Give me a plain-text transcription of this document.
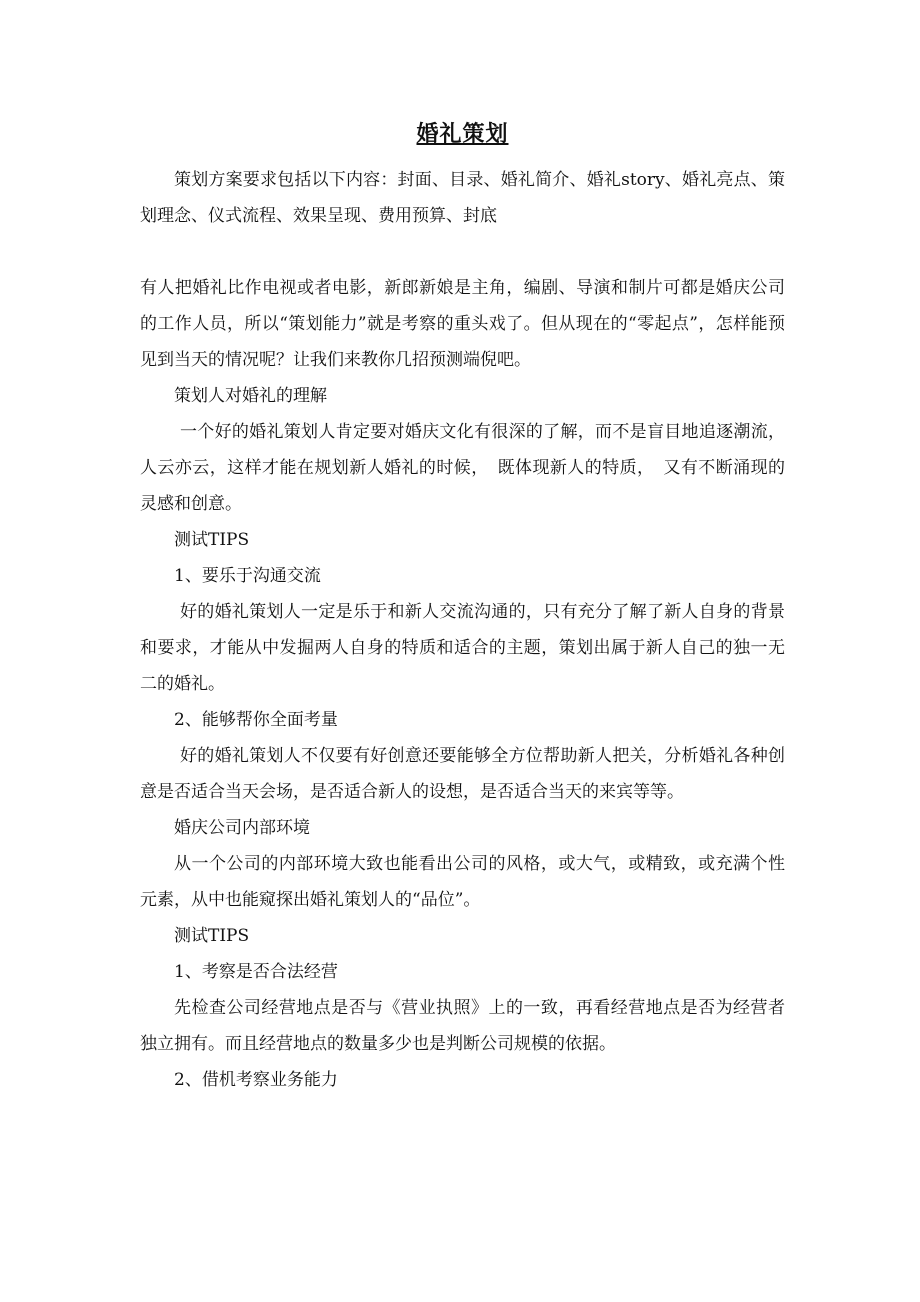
婚礼策划

策划方案要求包括以下内容：封面、目录、婚礼简介、婚礼story、婚礼亮点、策划理念、仪式流程、效果呈现、费用预算、封底

有人把婚礼比作电视或者电影，新郎新娘是主角，编剧、导演和制片可都是婚庆公司的工作人员，所以“策划能力”就是考察的重头戏了。但从现在的“零起点”，怎样能预见到当天的情况呢？让我们来教你几招预测端倪吧。

策划人对婚礼的理解

一个好的婚礼策划人肯定要对婚庆文化有很深的了解，而不是盲目地追逐潮流，人云亦云，这样才能在规划新人婚礼的时候，　既体现新人的特质，　又有不断涌现的灵感和创意。

测试TIPS

1、要乐于沟通交流

好的婚礼策划人一定是乐于和新人交流沟通的，只有充分了解了新人自身的背景和要求，才能从中发掘两人自身的特质和适合的主题，策划出属于新人自己的独一无二的婚礼。

2、能够帮你全面考量

好的婚礼策划人不仅要有好创意还要能够全方位帮助新人把关，分析婚礼各种创意是否适合当天会场，是否适合新人的设想，是否适合当天的来宾等等。

婚庆公司内部环境

从一个公司的内部环境大致也能看出公司的风格，或大气，或精致，或充满个性元素，从中也能窥探出婚礼策划人的“品位”。

测试TIPS

1、考察是否合法经营

先检查公司经营地点是否与《营业执照》上的一致，再看经营地点是否为经营者独立拥有。而且经营地点的数量多少也是判断公司规模的依据。

2、借机考察业务能力
